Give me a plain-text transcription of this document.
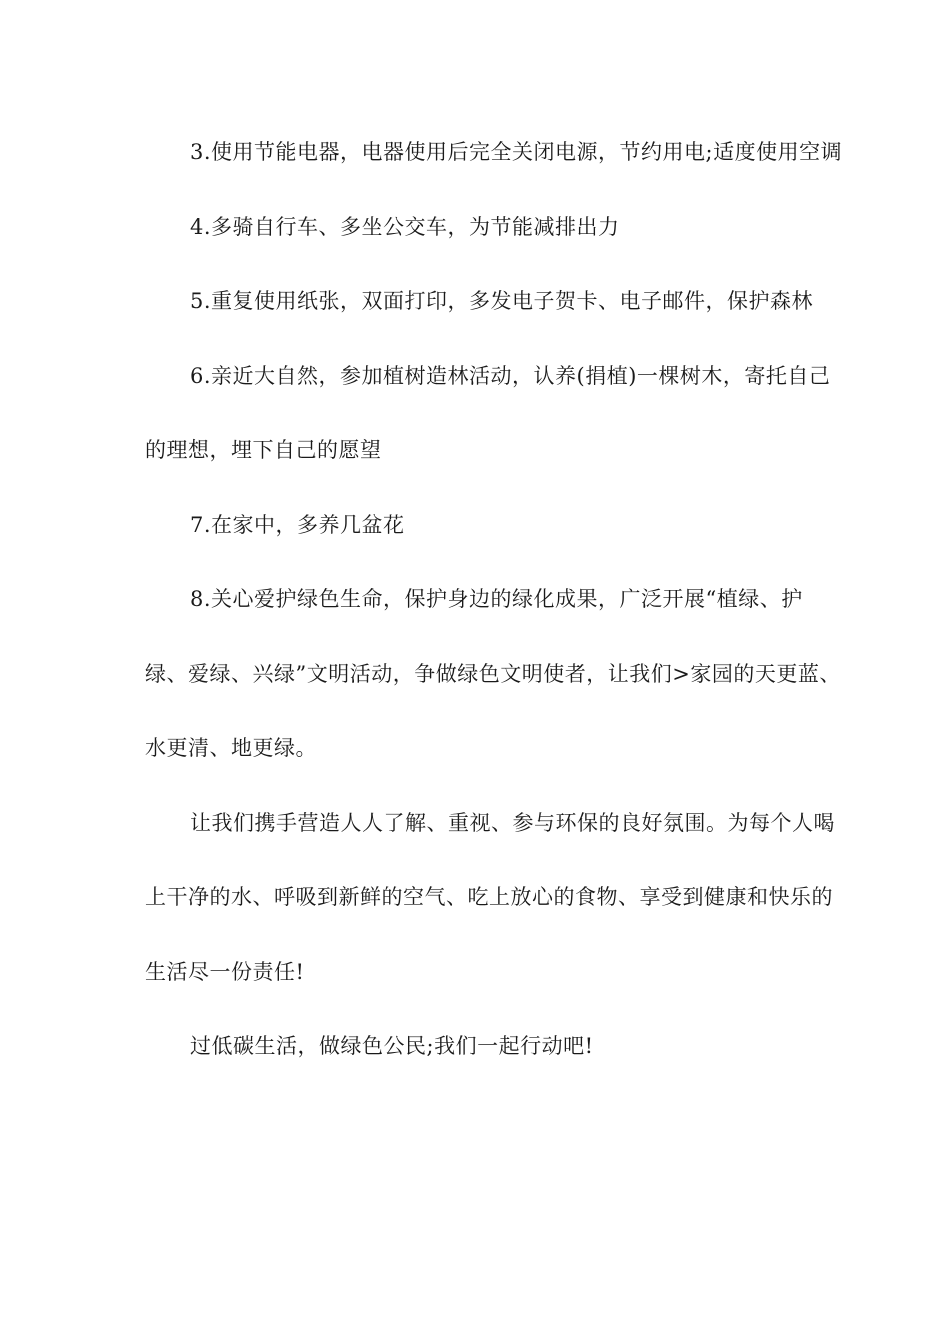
3.使用节能电器，电器使用后完全关闭电源，节约用电;适度使用空调

4.多骑自行车、多坐公交车，为节能减排出力

5.重复使用纸张，双面打印，多发电子贺卡、电子邮件，保护森林

6.亲近大自然，参加植树造林活动，认养(捐植)一棵树木，寄托自己的理想，埋下自己的愿望

7.在家中，多养几盆花

8.关心爱护绿色生命，保护身边的绿化成果，广泛开展“植绿、护绿、爱绿、兴绿”文明活动，争做绿色文明使者，让我们>家园的天更蓝、水更清、地更绿。

让我们携手营造人人了解、重视、参与环保的良好氛围。为每个人喝上干净的水、呼吸到新鲜的空气、吃上放心的食物、享受到健康和快乐的生活尽一份责任!

过低碳生活，做绿色公民;我们一起行动吧!
